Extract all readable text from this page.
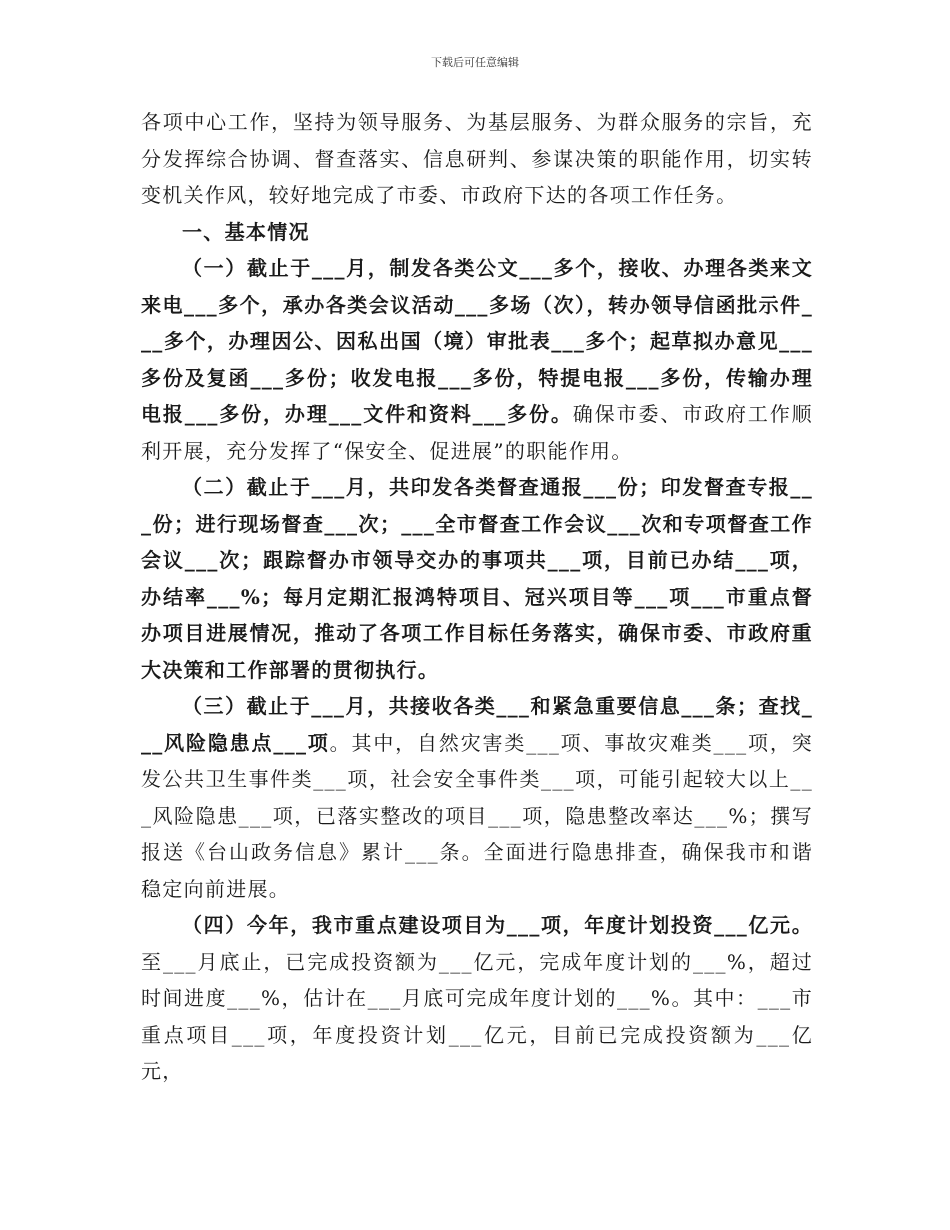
下载后可任意编辑

各项中心工作，坚持为领导服务、为基层服务、为群众服务的宗旨，充分发挥综合协调、督查落实、信息研判、参谋决策的职能作用，切实转变机关作风，较好地完成了市委、市政府下达的各项工作任务。

一、基本情况

（一）截止于___月，制发各类公文___多个，接收、办理各类来文来电___多个，承办各类会议活动___多场（次），转办领导信函批示件___多个，办理因公、因私出国（境）审批表___多个；起草拟办意见___多份及复函___多份；收发电报___多份，特提电报___多份，传输办理电报___多份，办理___文件和资料___多份。确保市委、市政府工作顺利开展，充分发挥了“保安全、促进展”的职能作用。

（二）截止于___月，共印发各类督查通报___份；印发督查专报___份；进行现场督查___次；___全市督查工作会议___次和专项督查工作会议___次；跟踪督办市领导交办的事项共___项，目前已办结___项，办结率___%；每月定期汇报鸿特项目、冠兴项目等___项___市重点督办项目进展情况，推动了各项工作目标任务落实，确保市委、市政府重大决策和工作部署的贯彻执行。

（三）截止于___月，共接收各类___和紧急重要信息___条；查找___风险隐患点___项。其中，自然灾害类___项、事故灾难类___项，突发公共卫生事件类___项，社会安全事件类___项，可能引起较大以上___风险隐患___项，已落实整改的项目___项，隐患整改率达___%；撰写报送《台山政务信息》累计___条。全面进行隐患排查，确保我市和谐稳定向前进展。

（四）今年，我市重点建设项目为___项，年度计划投资___亿元。至___月底止，已完成投资额为___亿元，完成年度计划的___%，超过时间进度___%，估计在___月底可完成年度计划的___%。其中：___市重点项目___项，年度投资计划___亿元，目前已完成投资额为___亿元，
